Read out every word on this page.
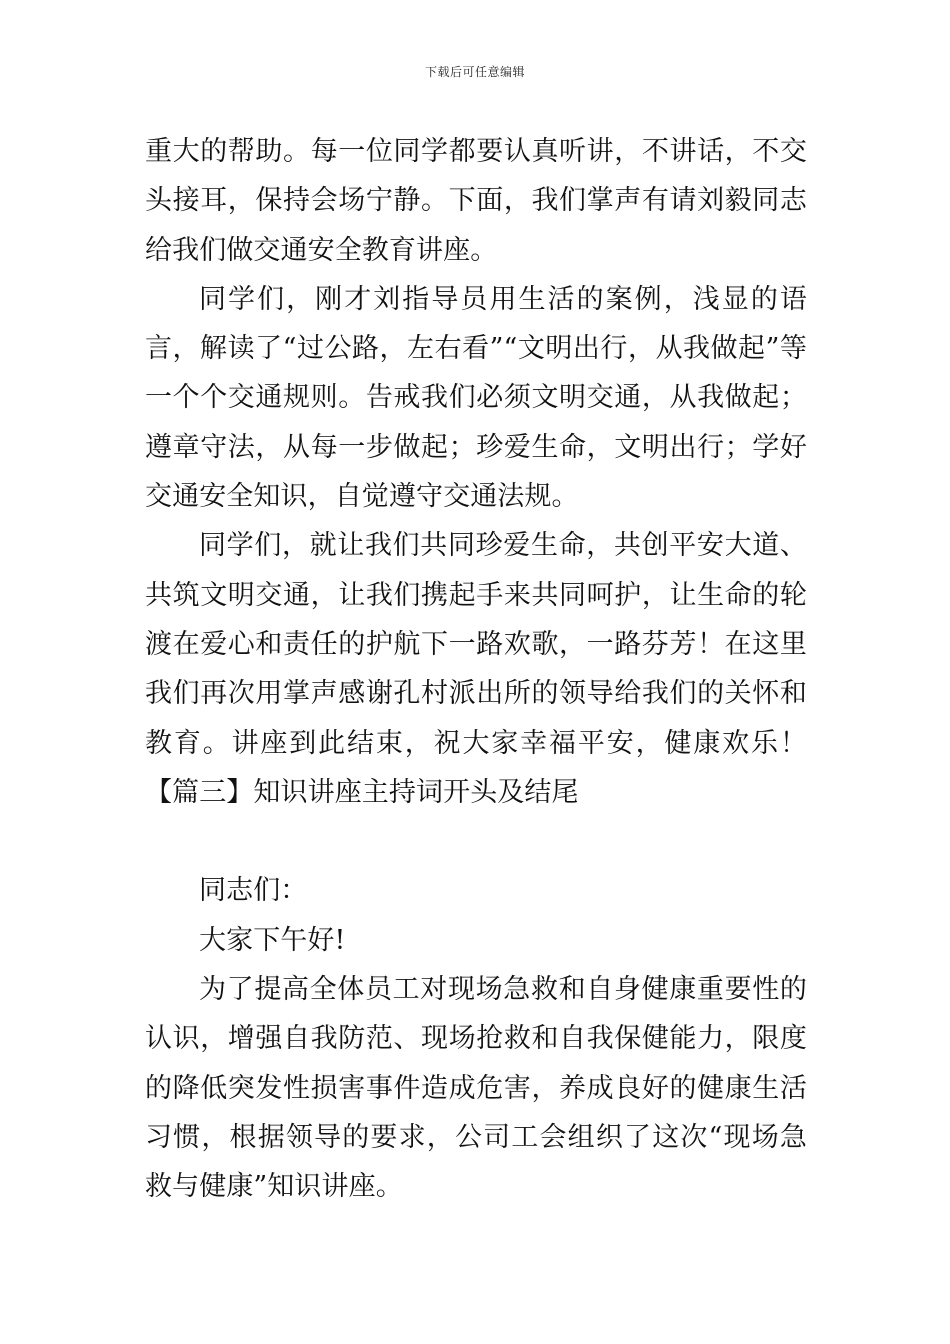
下载后可任意编辑

重大的帮助。每一位同学都要认真听讲，不讲话，不交头接耳，保持会场宁静。下面，我们掌声有请刘毅同志给我们做交通安全教育讲座。

同学们，刚才刘指导员用生活的案例，浅显的语言，解读了“过公路，左右看”“文明出行，从我做起”等一个个交通规则。告戒我们必须文明交通，从我做起；遵章守法，从每一步做起；珍爱生命，文明出行；学好交通安全知识，自觉遵守交通法规。

同学们，就让我们共同珍爱生命，共创平安大道、共筑文明交通，让我们携起手来共同呵护，让生命的轮渡在爱心和责任的护航下一路欢歌，一路芬芳！在这里我们再次用掌声感谢孔村派出所的领导给我们的关怀和教育。讲座到此结束，祝大家幸福平安，健康欢乐！【篇三】知识讲座主持词开头及结尾

同志们：

大家下午好!

为了提高全体员工对现场急救和自身健康重要性的认识，增强自我防范、现场抢救和自我保健能力，限度的降低突发性损害事件造成危害，养成良好的健康生活习惯，根据领导的要求，公司工会组织了这次“现场急救与健康”知识讲座。
